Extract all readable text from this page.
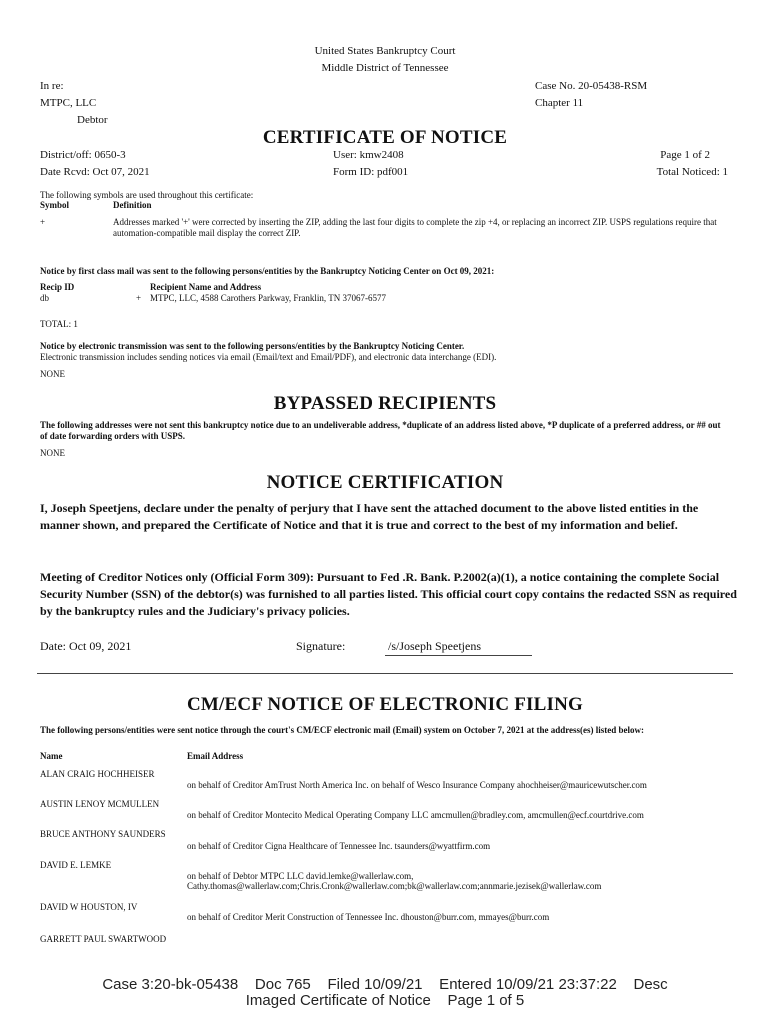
United States Bankruptcy Court
Middle District of Tennessee
In re:
MTPC, LLC
Debtor
Case No. 20-05438-RSM
Chapter 11
CERTIFICATE OF NOTICE
District/off: 0650-3
Date Rcvd: Oct 07, 2021
User: kmw2408
Form ID: pdf001
Page 1 of 2
Total Noticed: 1
The following symbols are used throughout this certificate:
Symbol	Definition
+	Addresses marked '+' were corrected by inserting the ZIP, adding the last four digits to complete the zip +4, or replacing an incorrect ZIP. USPS regulations require that automation-compatible mail display the correct ZIP.
Notice by first class mail was sent to the following persons/entities by the Bankruptcy Noticing Center on Oct 09, 2021:
Recip ID	Recipient Name and Address
db	+ MTPC, LLC, 4588 Carothers Parkway, Franklin, TN 37067-6577
TOTAL: 1
Notice by electronic transmission was sent to the following persons/entities by the Bankruptcy Noticing Center.
Electronic transmission includes sending notices via email (Email/text and Email/PDF), and electronic data interchange (EDI).
NONE
BYPASSED RECIPIENTS
The following addresses were not sent this bankruptcy notice due to an undeliverable address, *duplicate of an address listed above, *P duplicate of a preferred address, or ## out of date forwarding orders with USPS.
NONE
NOTICE CERTIFICATION
I, Joseph Speetjens, declare under the penalty of perjury that I have sent the attached document to the above listed entities in the manner shown, and prepared the Certificate of Notice and that it is true and correct to the best of my information and belief.
Meeting of Creditor Notices only (Official Form 309): Pursuant to Fed .R. Bank. P.2002(a)(1), a notice containing the complete Social Security Number (SSN) of the debtor(s) was furnished to all parties listed. This official court copy contains the redacted SSN as required by the bankruptcy rules and the Judiciary's privacy policies.
Date: Oct 09, 2021	Signature:	/s/Joseph Speetjens
CM/ECF NOTICE OF ELECTRONIC FILING
The following persons/entities were sent notice through the court's CM/ECF electronic mail (Email) system on October 7, 2021 at the address(es) listed below:
Name	Email Address
ALAN CRAIG HOCHHEISER
on behalf of Creditor AmTrust North America Inc. on behalf of Wesco Insurance Company ahochheiser@mauricewutscher.com
AUSTIN LENOY MCMULLEN
on behalf of Creditor Montecito Medical Operating Company LLC amcmullen@bradley.com, amcmullen@ecf.courtdrive.com
BRUCE ANTHONY SAUNDERS
on behalf of Creditor Cigna Healthcare of Tennessee Inc. tsaunders@wyattfirm.com
DAVID E. LEMKE
on behalf of Debtor MTPC LLC david.lemke@wallerlaw.com,
Cathy.thomas@wallerlaw.com;Chris.Cronk@wallerlaw.com;bk@wallerlaw.com;annmarie.jezisek@wallerlaw.com
DAVID W HOUSTON, IV
on behalf of Creditor Merit Construction of Tennessee Inc. dhouston@burr.com, mmayes@burr.com
GARRETT PAUL SWARTWOOD
Case 3:20-bk-05438    Doc 765    Filed 10/09/21    Entered 10/09/21 23:37:22    Desc
Imaged Certificate of Notice    Page 1 of 5
